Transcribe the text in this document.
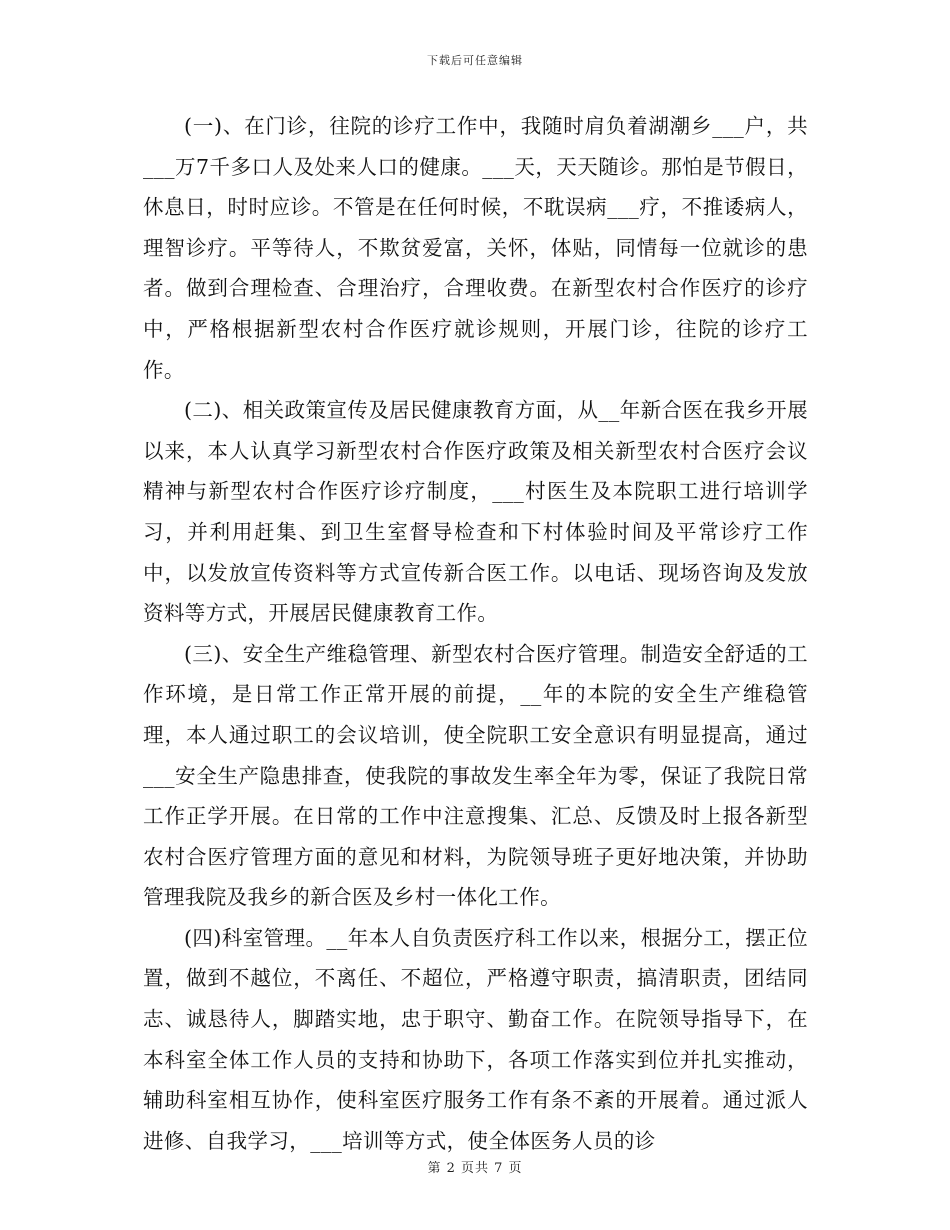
下载后可任意编辑

(一)、在门诊，往院的诊疗工作中，我随时肩负着湖潮乡___户，共___万7千多口人及处来人口的健康。___天，天天随诊。那怕是节假日，休息日，时时应诊。不管是在任何时候，不耽误病___疗，不推诿病人，理智诊疗。平等待人，不欺贫爱富，关怀，体贴，同情每一位就诊的患者。做到合理检查、合理治疗，合理收费。在新型农村合作医疗的诊疗中，严格根据新型农村合作医疗就诊规则，开展门诊，往院的诊疗工作。

(二)、相关政策宣传及居民健康教育方面，从__年新合医在我乡开展以来，本人认真学习新型农村合作医疗政策及相关新型农村合医疗会议精神与新型农村合作医疗诊疗制度，___村医生及本院职工进行培训学习，并利用赶集、到卫生室督导检查和下村体验时间及平常诊疗工作中，以发放宣传资料等方式宣传新合医工作。以电话、现场咨询及发放资料等方式，开展居民健康教育工作。

(三)、安全生产维稳管理、新型农村合医疗管理。制造安全舒适的工作环境，是日常工作正常开展的前提，__年的本院的安全生产维稳管理，本人通过职工的会议培训，使全院职工安全意识有明显提高，通过___安全生产隐患排查，使我院的事故发生率全年为零，保证了我院日常工作正学开展。在日常的工作中注意搜集、汇总、反馈及时上报各新型农村合医疗管理方面的意见和材料，为院领导班子更好地决策，并协助管理我院及我乡的新合医及乡村一体化工作。

(四)科室管理。__年本人自负责医疗科工作以来，根据分工，摆正位置，做到不越位，不离任、不超位，严格遵守职责，搞清职责，团结同志、诚恳待人，脚踏实地，忠于职守、勤奋工作。在院领导指导下，在本科室全体工作人员的支持和协助下，各项工作落实到位并扎实推动，辅助科室相互协作，使科室医疗服务工作有条不紊的开展着。通过派人进修、自我学习，___培训等方式，使全体医务人员的诊

第 2 页共 7 页
